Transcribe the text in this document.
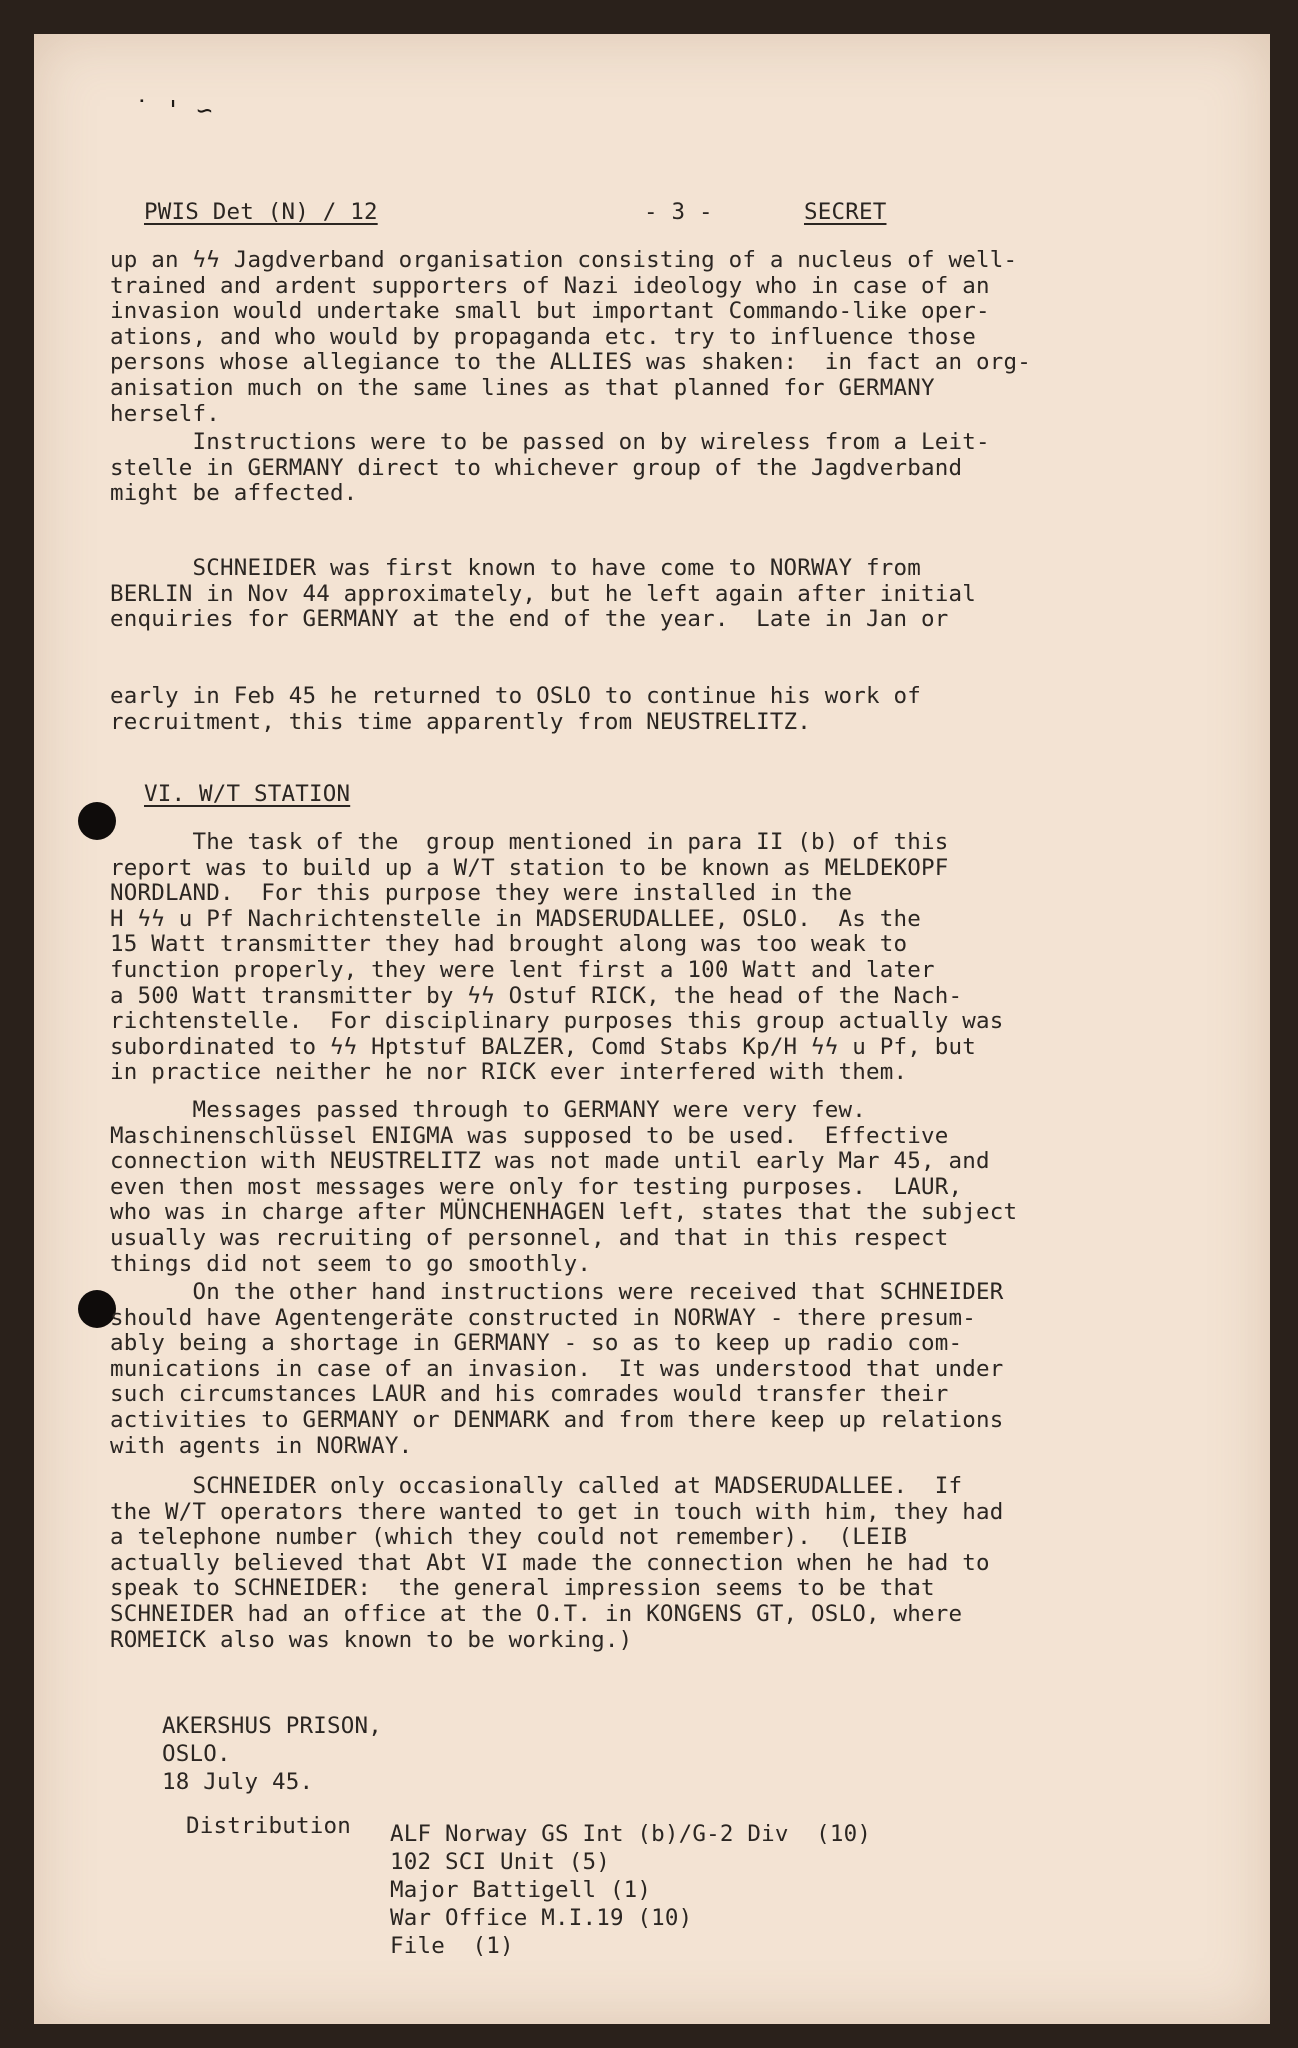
˙ ' ∽
PWIS Det (N) / 12	- 3 -	SECRET
up an ϟϟ Jagdverband organisation consisting of a nucleus of well-
trained and ardent supporters of Nazi ideology who in case of an
invasion would undertake small but important Commando-like oper-
ations, and who would by propaganda etc. try to influence those
persons whose allegiance to the ALLIES was shaken:  in fact an org-
anisation much on the same lines as that planned for GERMANY
herself.
Instructions were to be passed on by wireless from a Leit-
stelle in GERMANY direct to whichever group of the Jagdverband
might be affected.
SCHNEIDER was first known to have come to NORWAY from
BERLIN in Nov 44 approximately, but he left again after initial
enquiries for GERMANY at the end of the year.  Late in Jan or
early in Feb 45 he returned to OSLO to continue his work of
recruitment, this time apparently from NEUSTRELITZ.
VI. W/T STATION
The task of the  group mentioned in para II (b) of this
report was to build up a W/T station to be known as MELDEKOPF
NORDLAND.  For this purpose they were installed in the
H ϟϟ u Pf Nachrichtenstelle in MADSERUDALLEE, OSLO.  As the
15 Watt transmitter they had brought along was too weak to
function properly, they were lent first a 100 Watt and later
a 500 Watt transmitter by ϟϟ Ostuf RICK, the head of the Nach-
richtenstelle.  For disciplinary purposes this group actually was
subordinated to ϟϟ Hptstuf BALZER, Comd Stabs Kp/H ϟϟ u Pf, but
in practice neither he nor RICK ever interfered with them.
Messages passed through to GERMANY were very few.
Maschinenschlüssel ENIGMA was supposed to be used.  Effective
connection with NEUSTRELITZ was not made until early Mar 45, and
even then most messages were only for testing purposes.  LAUR,
who was in charge after MÜNCHENHAGEN left, states that the subject
usually was recruiting of personnel, and that in this respect
things did not seem to go smoothly.
On the other hand instructions were received that SCHNEIDER
should have Agentengeräte constructed in NORWAY - there presum-
ably being a shortage in GERMANY - so as to keep up radio com-
munications in case of an invasion.  It was understood that under
such circumstances LAUR and his comrades would transfer their
activities to GERMANY or DENMARK and from there keep up relations
with agents in NORWAY.
SCHNEIDER only occasionally called at MADSERUDALLEE.  If
the W/T operators there wanted to get in touch with him, they had
a telephone number (which they could not remember).  (LEIB
actually believed that Abt VI made the connection when he had to
speak to SCHNEIDER:  the general impression seems to be that
SCHNEIDER had an office at the O.T. in KONGENS GT, OSLO, where
ROMEICK also was known to be working.)
AKERSHUS PRISON,
OSLO.
18 July 45.
Distribution ALF Norway GS Int (b)/G-2 Div  (10)
102 SCI Unit (5)
Major Battigell (1)
War Office M.I.19 (10)
File  (1)
